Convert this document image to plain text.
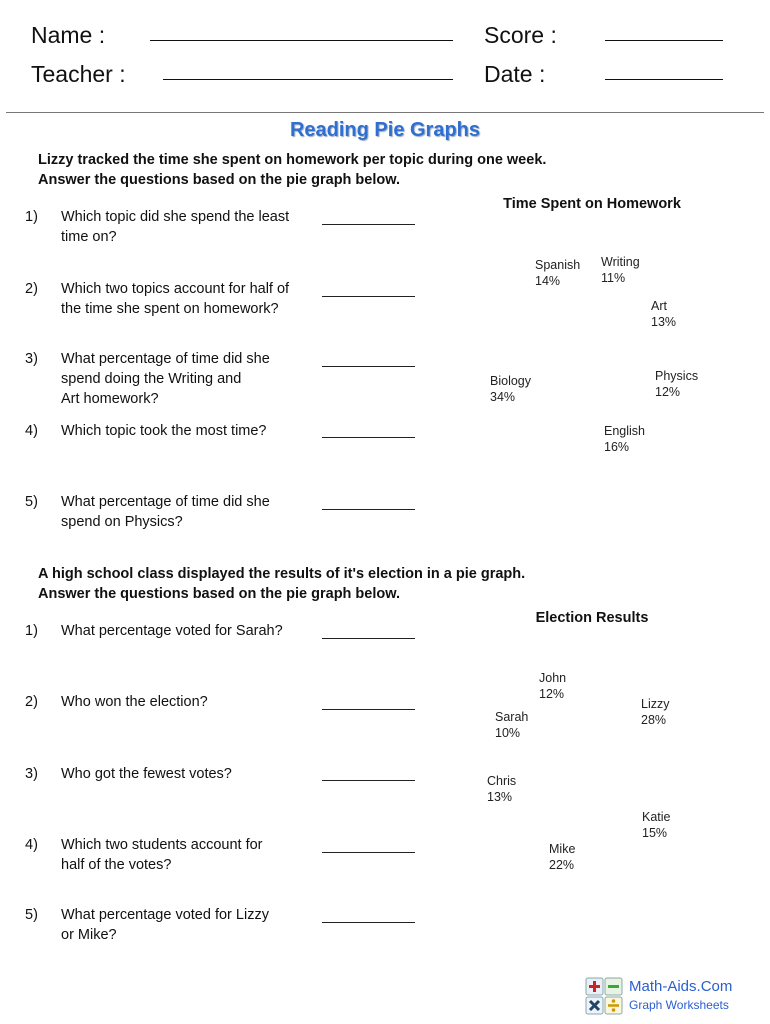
Name :
Teacher :
Score :
Date :
Reading Pie Graphs
Lizzy tracked the time she spent on homework per topic during one week.
Answer the questions based on the pie graph below.
1) Which topic did she spend the least
time on?
2) Which two topics account for half of
the time she spent on homework?
3) What percentage of time did she
spend doing the Writing and
Art homework?
4) Which topic took the most time?
5) What percentage of time did she
spend on Physics?
Time Spent on Homework
Spanish
14%
Writing
11%
Art
13%
Physics
12%
English
16%
Biology
34%
A high school class displayed the results of it's election in a pie graph.
Answer the questions based on the pie graph below.
1) What percentage voted for Sarah?
2) Who won the election?
3) Who got the fewest votes?
4) Which two students account for
half of the votes?
5) What percentage voted for Lizzy
or Mike?
Election Results
John
12%
Lizzy
28%
Katie
15%
Mike
22%
Chris
13%
Sarah
10%
Math-Aids.Com
Graph Worksheets
